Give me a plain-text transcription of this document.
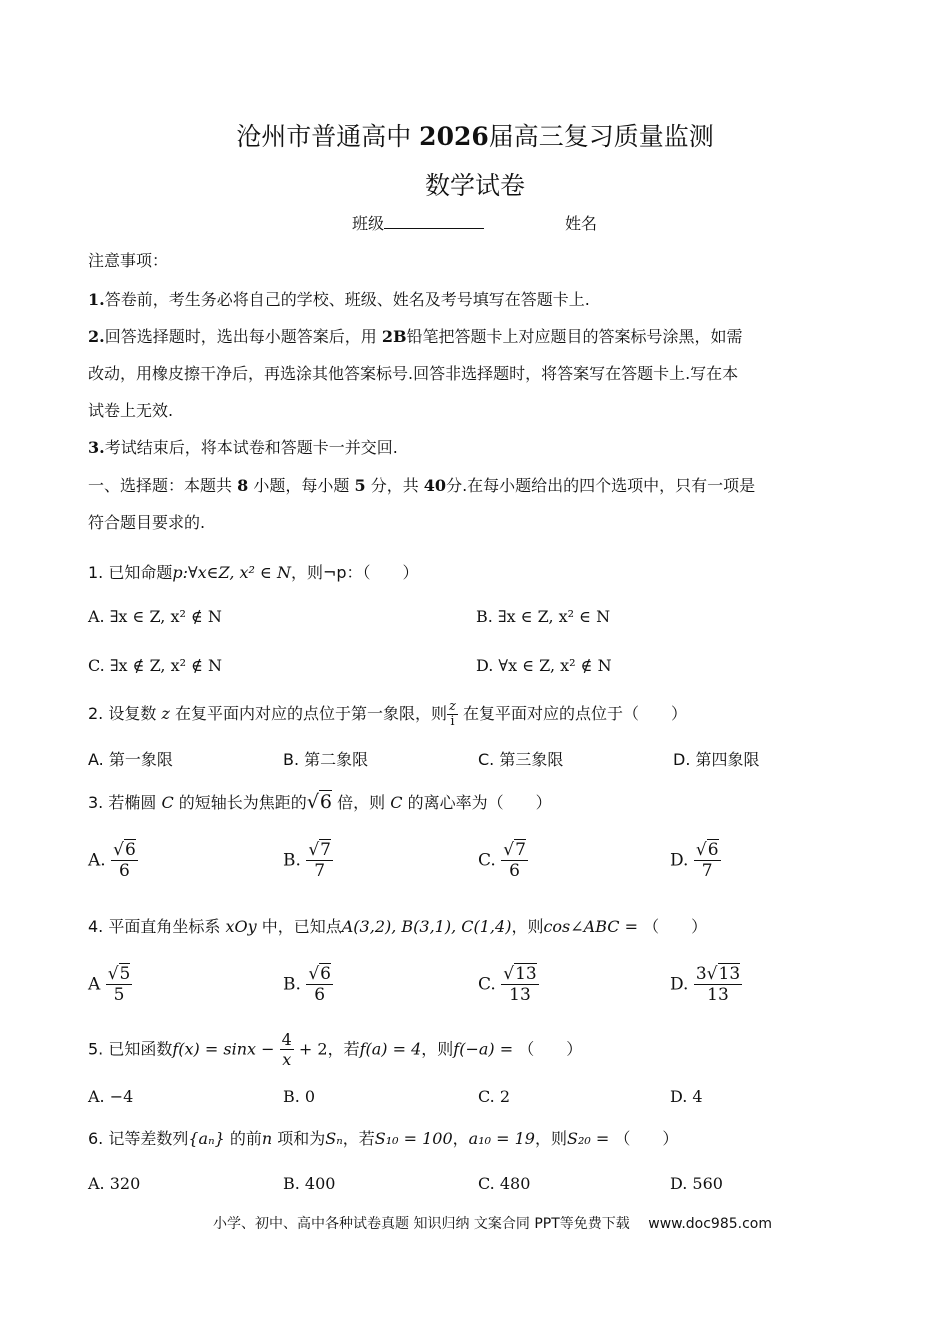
沧州市普通高中 2026届高三复习质量监测
数学试卷
班级	姓名
注意事项：
1.答卷前，考生务必将自己的学校、班级、姓名及考号填写在答题卡上.
2.回答选择题时，选出每小题答案后，用 2B铅笔把答题卡上对应题目的答案标号涂黑，如需
改动，用橡皮擦干净后，再选涂其他答案标号.回答非选择题时，将答案写在答题卡上.写在本
试卷上无效.
3.考试结束后，将本试卷和答题卡一并交回.
一、选择题：本题共 8 小题，每小题 5 分，共 40分.在每小题给出的四个选项中，只有一项是
符合题目要求的.
1. 已知命题p:∀x∈Z, x² ∈ N，则¬p：（　　）
A. ∃x ∈ Z, x² ∉ N	B. ∃x ∈ Z, x² ∈ N
C. ∃x ∉ Z, x² ∉ N	D. ∀x ∈ Z, x² ∉ N
2. 设复数 z 在复平面内对应的点位于第一象限，则 $\frac{z}{i}$ 在复平面对应的点位于（　　）
A. 第一象限	B. 第二象限	C. 第三象限	D. 第四象限
3. 若椭圆 C 的短轴长为焦距的√6 倍，则 C 的离心率为（　　）
A. $\frac{√6}{6}$	B. $\frac{√7}{7}$	C. $\frac{√7}{6}$	D. $\frac{√6}{7}$
4. 平面直角坐标系 xOy 中，已知点A(3,2), B(3,1), C(1,4)，则cos∠ABC = （　　）
A $\frac{√5}{5}$	B. $\frac{√6}{6}$	C. $\frac{√13}{13}$	D. $\frac{3√13}{13}$
5. 已知函数$f(x) = \sin x - \frac{4}{x} + 2$，若f(a) = 4，则f(−a) = （　　）
A. −4	B. 0	C. 2	D. 4
6. 记等差数列{aₙ} 的前n 项和为Sₙ，若S₁₀ = 100，a₁₀ = 19，则S₂₀ = （　　）
A. 320	B. 400	C. 480	D. 560
小学、初中、高中各种试卷真题 知识归纳 文案合同 PPT等免费下载 www.doc985.com
